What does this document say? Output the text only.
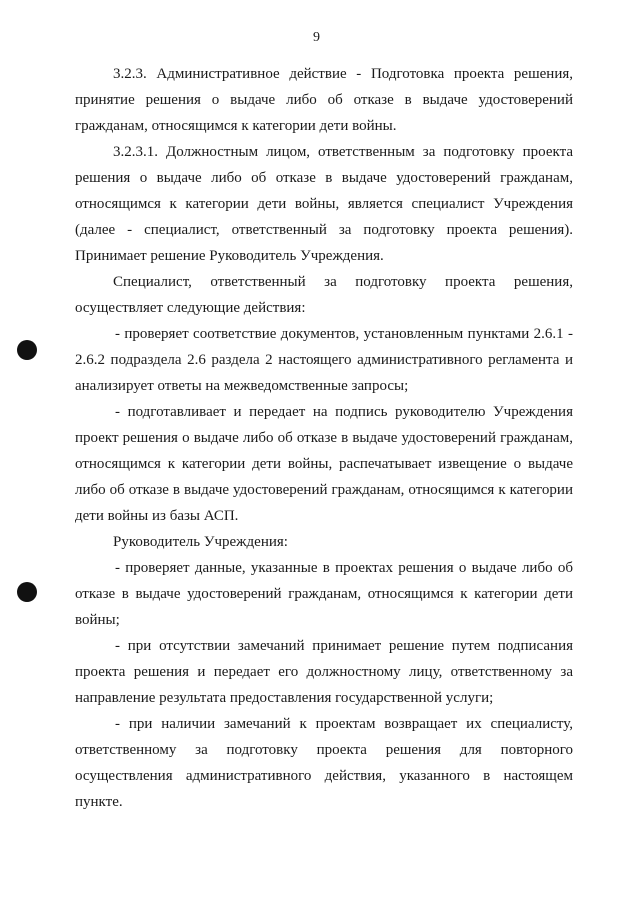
9

3.2.3. Административное действие - Подготовка проекта решения, принятие решения о выдаче либо об отказе в выдаче удостоверений гражданам, относящимся к категории дети войны.

3.2.3.1. Должностным лицом, ответственным за подготовку проекта решения о выдаче либо об отказе в выдаче удостоверений гражданам, относящимся к категории дети войны, является специалист Учреждения (далее - специалист, ответственный за подготовку проекта решения). Принимает решение Руководитель Учреждения.

Специалист, ответственный за подготовку проекта решения, осуществляет следующие действия:

- проверяет соответствие документов, установленным пунктами 2.6.1 - 2.6.2 подраздела 2.6 раздела 2 настоящего административного регламента и анализирует ответы на межведомственные запросы;

- подготавливает и передает на подпись руководителю Учреждения проект решения о выдаче либо об отказе в выдаче удостоверений гражданам, относящимся к категории дети войны, распечатывает извещение о выдаче либо об отказе в выдаче удостоверений гражданам, относящимся к категории дети войны из базы АСП.

Руководитель Учреждения:

- проверяет данные, указанные в проектах решения о выдаче либо об отказе в выдаче удостоверений гражданам, относящимся к категории дети войны;

- при отсутствии замечаний принимает решение путем подписания проекта решения и передает его должностному лицу, ответственному за направление результата предоставления государственной услуги;

- при наличии замечаний к проектам возвращает их специалисту, ответственному за подготовку проекта решения для повторного осуществления административного действия, указанного в настоящем пункте.
